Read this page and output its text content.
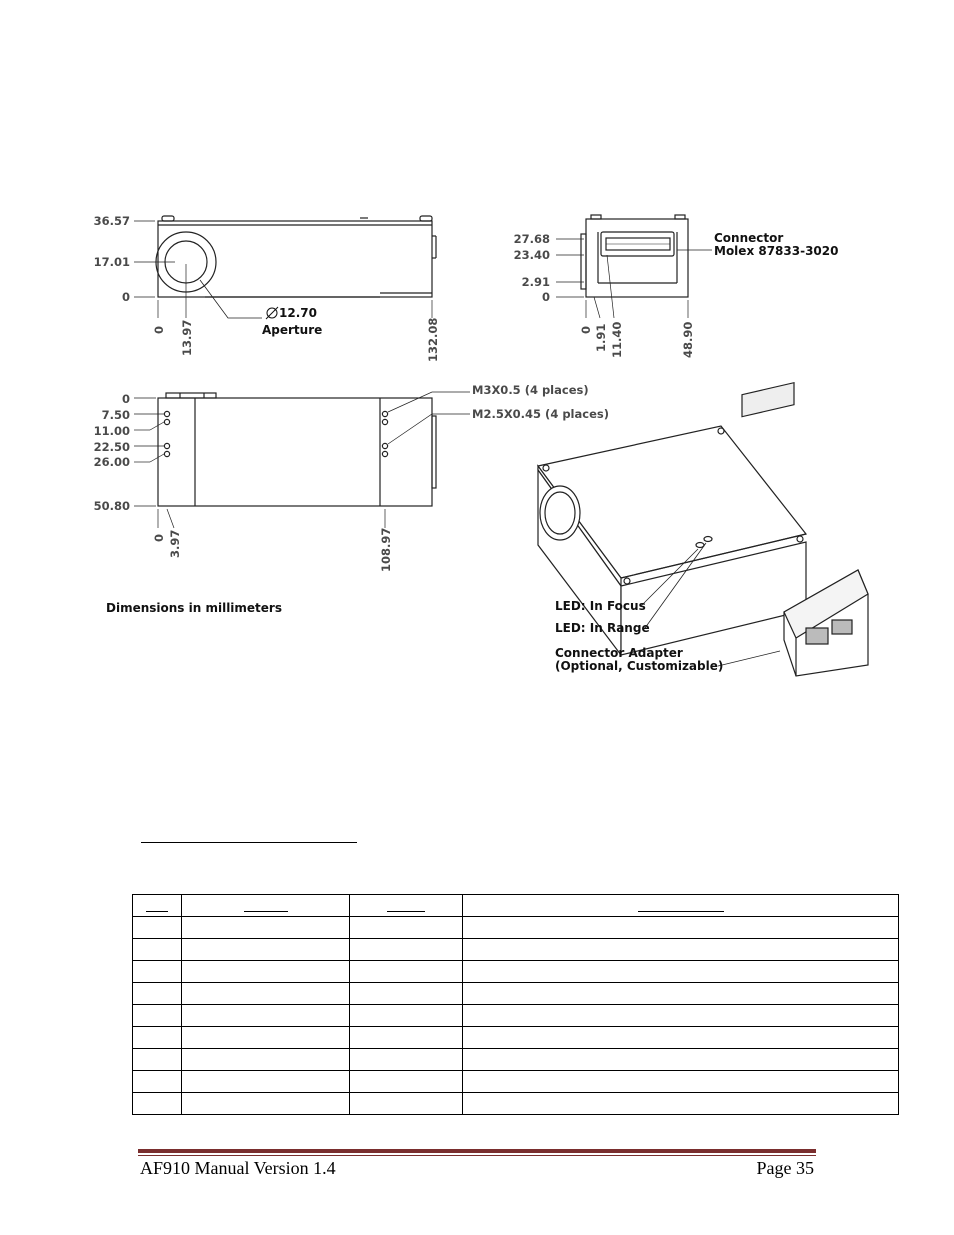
36.57
17.01
0
0 13.97	132.08
27.68
23.40
2.91
0
0 1.91 11.40	48.90
0
7.50
11.00
22.50
26.00
50.80
0 3.97	108.97
M3X0.5 (4 places)
M2.5X0.45 (4 places)
12.70
Aperture
Connector
Molex 87833-3020
LED: In Focus
LED: In Range
Connector Adapter
(Optional, Customizable)
Dimensions in millimeters

AF910 Manual Version 1.4	Page 35
